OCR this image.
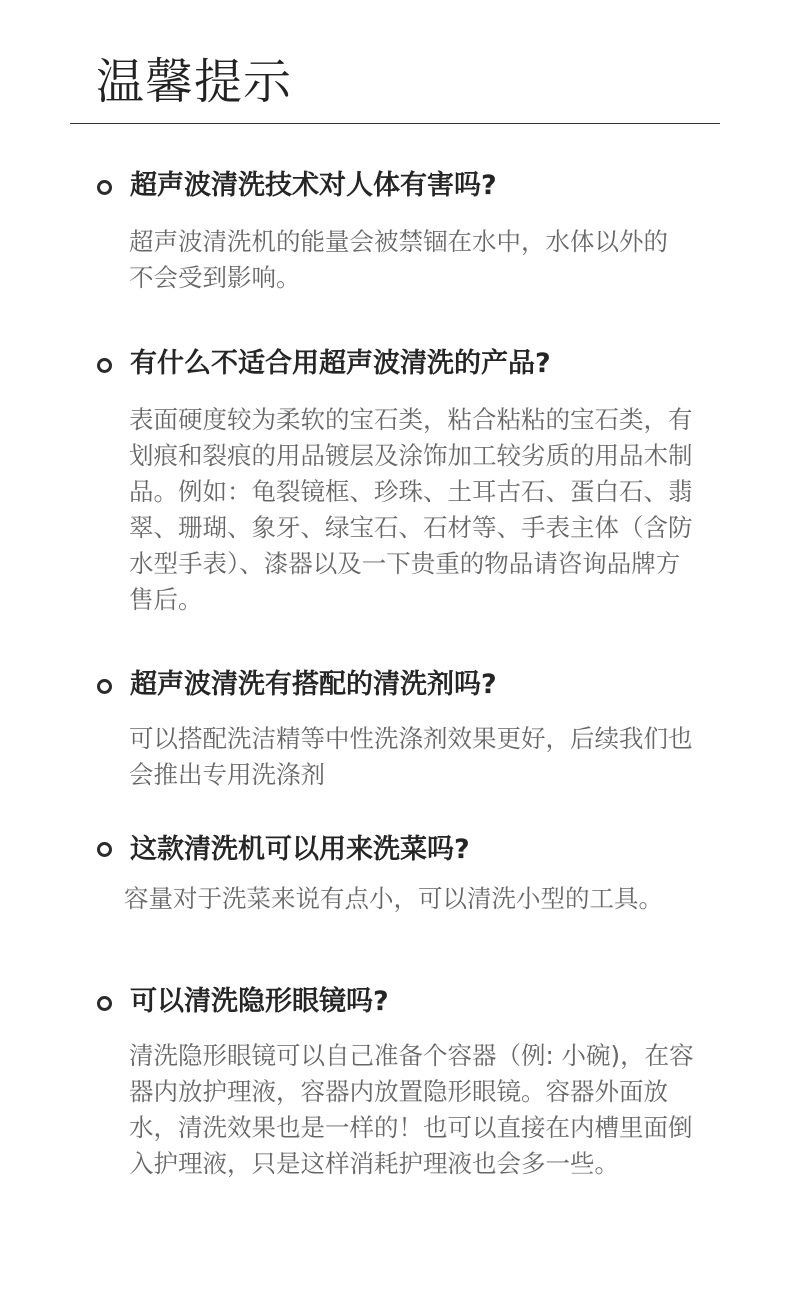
温馨提示
超声波清洗技术对人体有害吗?
超声波清洗机的能量会被禁锢在水中，水体以外的不会受到影响。
有什么不适合用超声波清洗的产品?
表面硬度较为柔软的宝石类，粘合粘粘的宝石类，有划痕和裂痕的用品镀层及涂饰加工较劣质的用品木制品。例如：龟裂镜框、珍珠、土耳古石、蛋白石、翡翠、珊瑚、象牙、绿宝石、石材等、手表主体（含防水型手表）、漆器以及一下贵重的物品请咨询品牌方售后。
超声波清洗有搭配的清洗剂吗?
可以搭配洗洁精等中性洗涤剂效果更好，后续我们也会推出专用洗涤剂
这款清洗机可以用来洗菜吗?
容量对于洗菜来说有点小，可以清洗小型的工具。
可以清洗隐形眼镜吗?
清洗隐形眼镜可以自己准备个容器（例: 小碗)，在容器内放护理液，容器内放置隐形眼镜。容器外面放水，清洗效果也是一样的！也可以直接在内槽里面倒入护理液，只是这样消耗护理液也会多一些。
